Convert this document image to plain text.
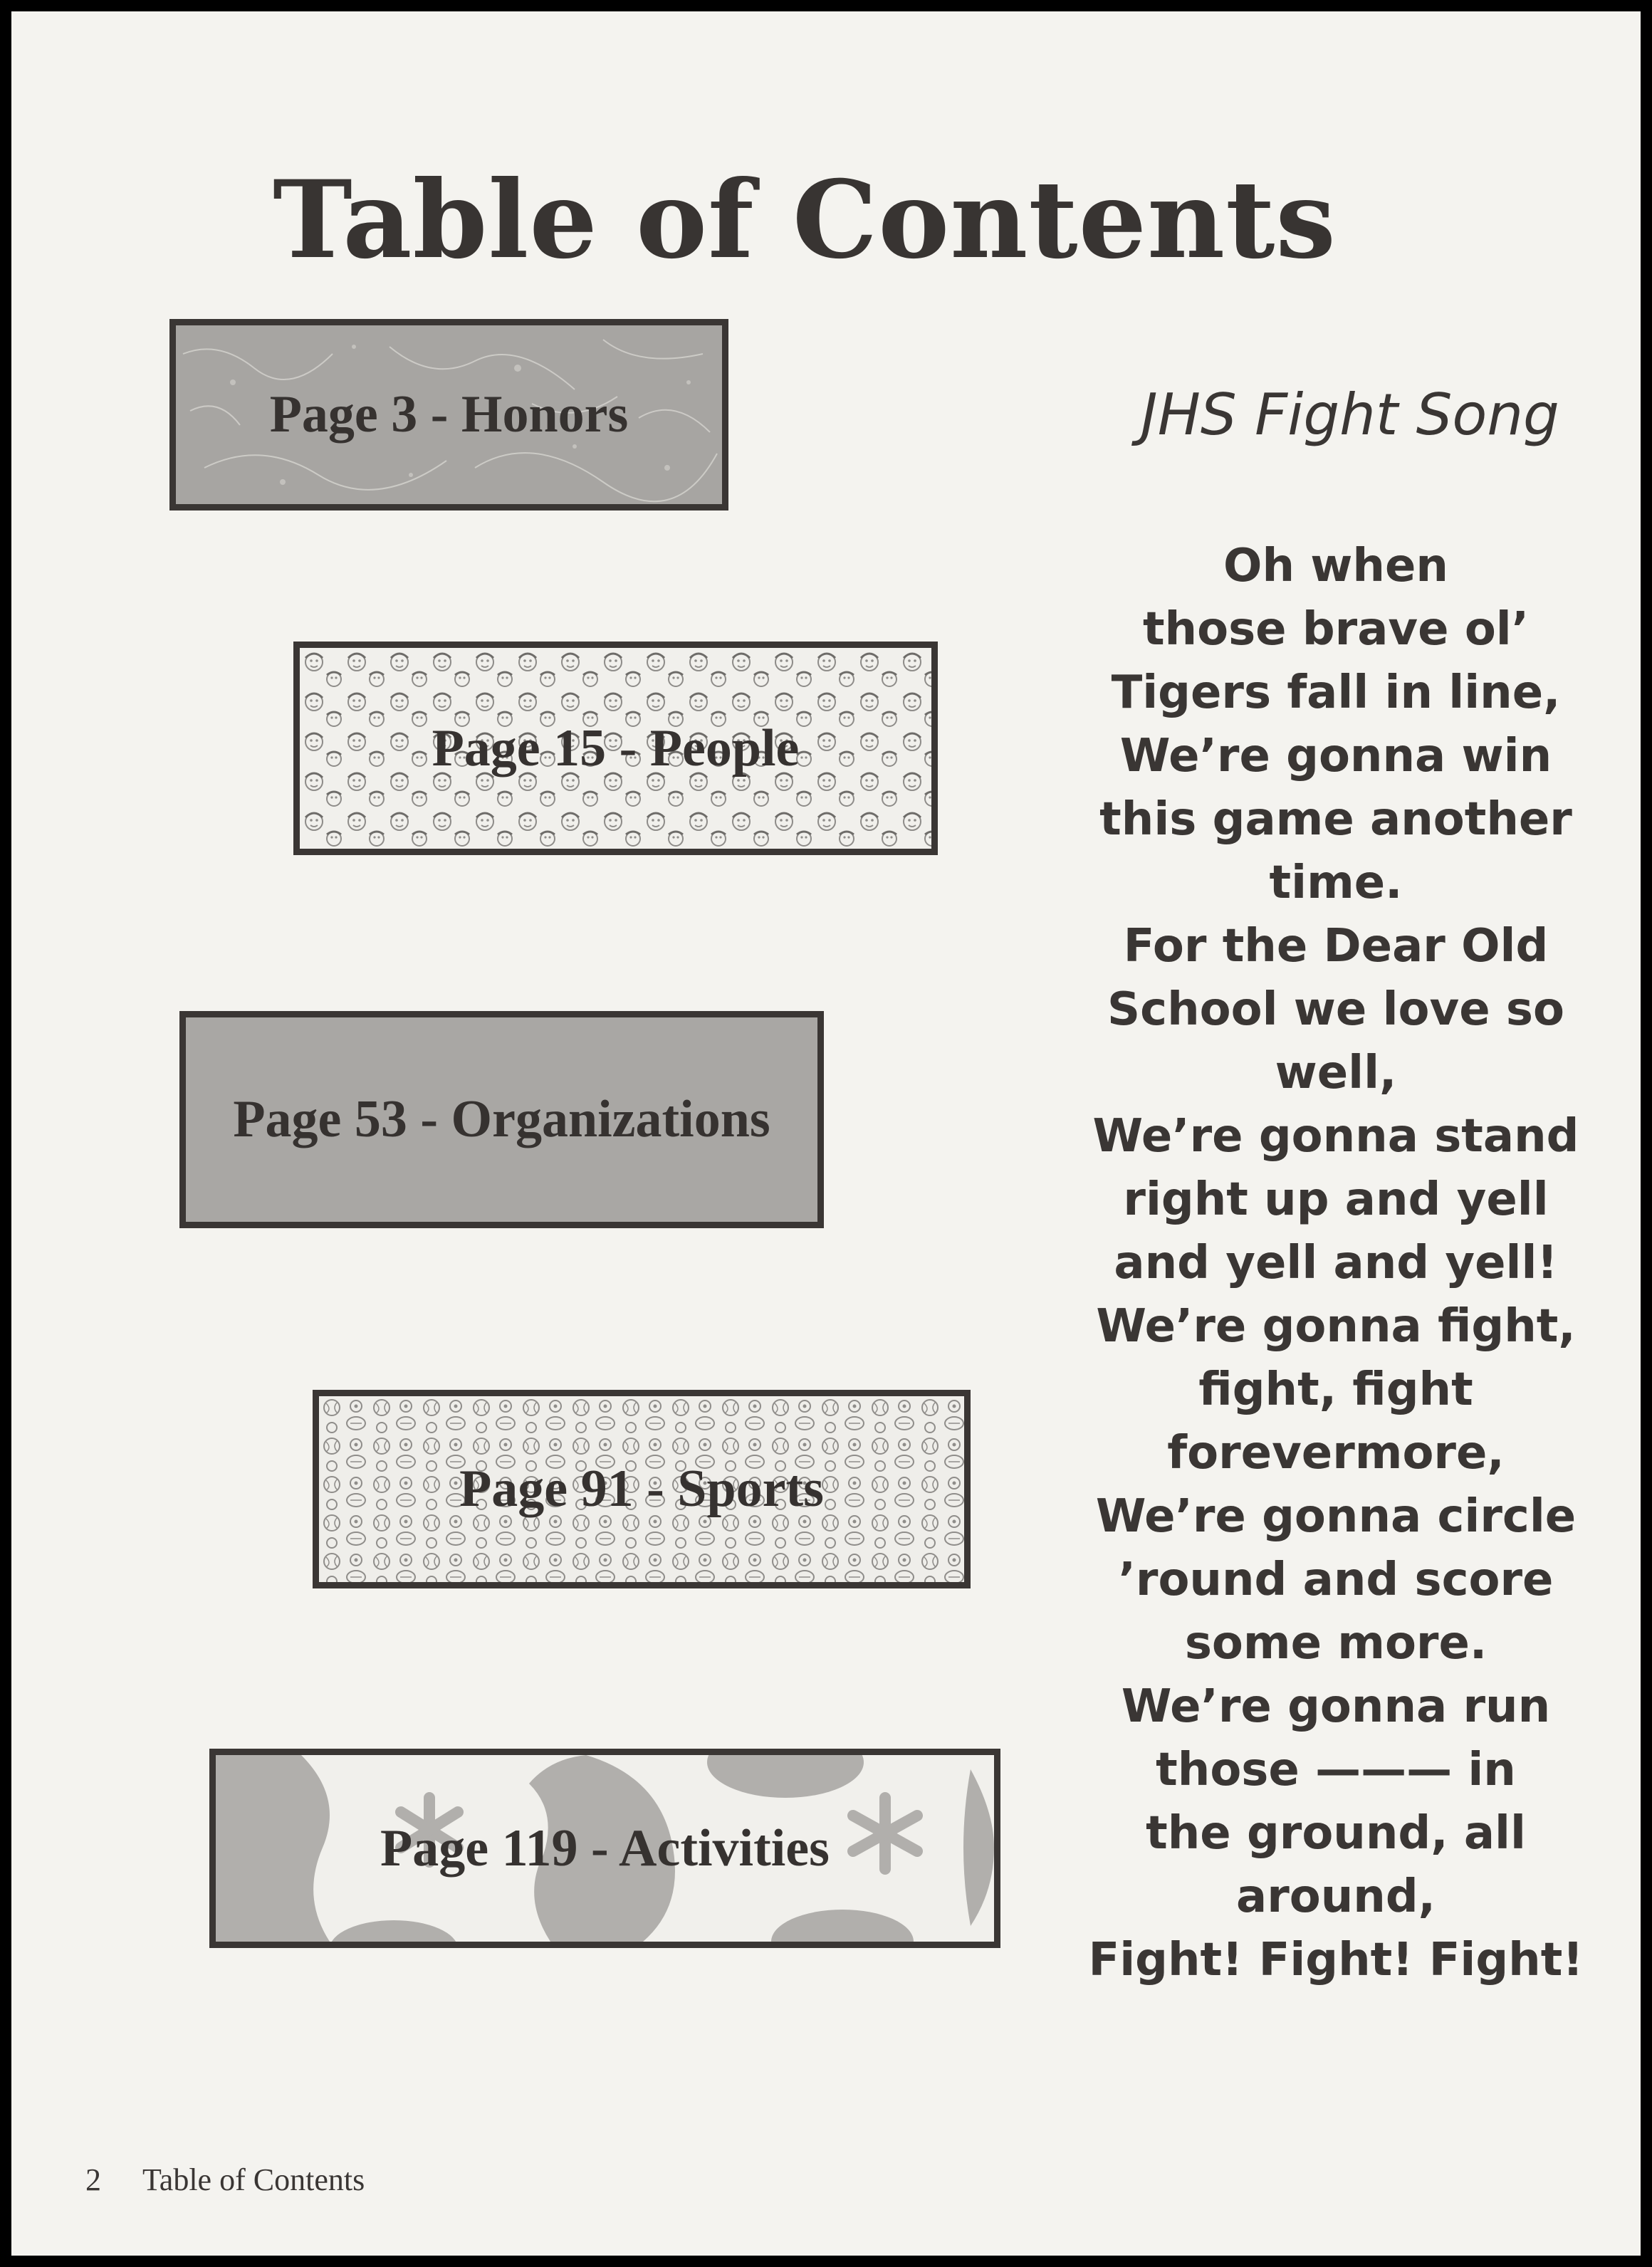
Table of Contents
Page 3 - Honors
Page 15 - People
Page 53 - Organizations
Page 91 - Sports
Page 119 - Activities
JHS Fight Song
Oh when
those brave ol’
Tigers fall in line,
We’re gonna win
this game another
time.
For the Dear Old
School we love so
well,
We’re gonna stand
right up and yell
and yell and yell!
We’re gonna fight,
fight, fight
forevermore,
We’re gonna circle
’round and score
some more.
We’re gonna run
those ——— in
the ground, all
around,
Fight! Fight! Fight!
2 Table of Contents
